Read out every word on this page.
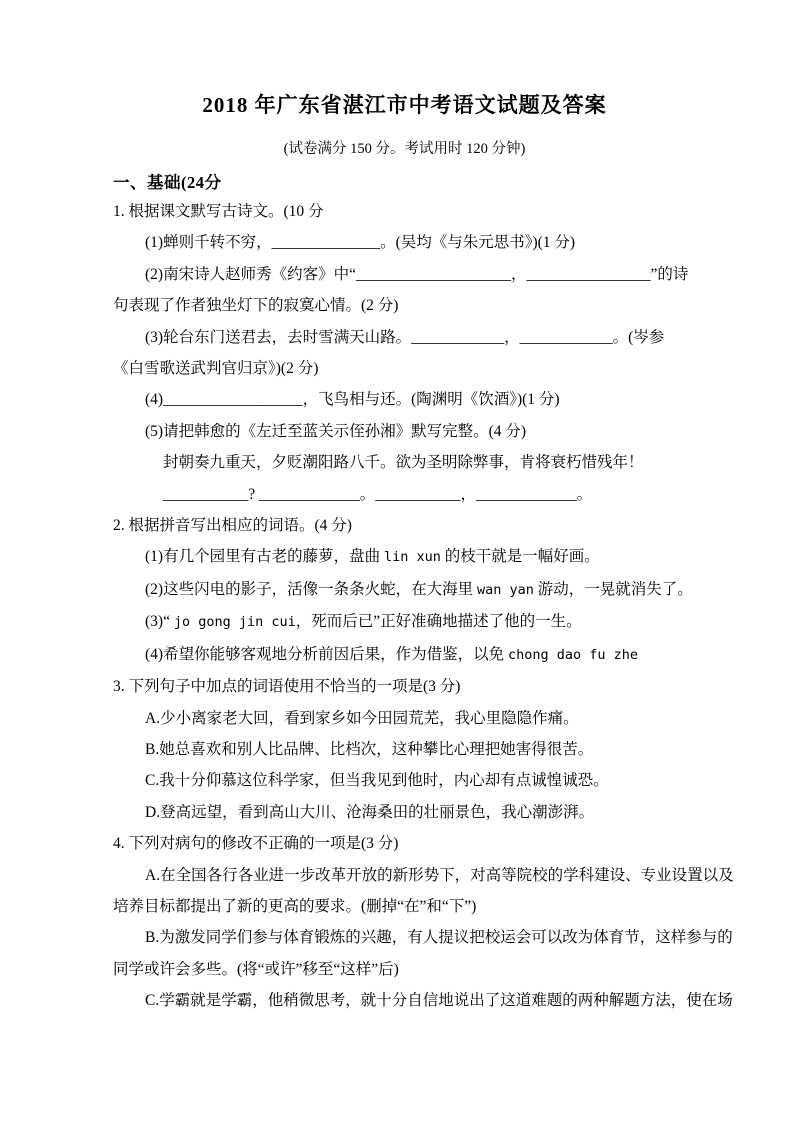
2018 年广东省湛江市中考语文试题及答案

(试卷满分 150 分。考试用时 120 分钟)

一、基础(24分

1. 根据课文默写古诗文。(10 分

(1)蝉则千转不穷，______________。(吴均《与朱元思书》)(1 分)

(2)南宋诗人赵师秀《约客》中“____________________，________________”的诗

句表现了作者独坐灯下的寂寞心情。(2 分)

(3)轮台东门送君去，去时雪满天山路。____________，____________。(岑参

《白雪歌送武判官归京》)(2 分)

(4)__________________，飞鸟相与还。(陶渊明《饮酒》)(1 分)

(5)请把韩愈的《左迁至蓝关示侄孙湘》默写完整。(4 分)

封朝奏九重天，夕贬潮阳路八千。欲为圣明除弊事，肯将衰朽惜残年！

___________? _____________。___________，_____________。

2. 根据拼音写出相应的词语。(4 分)

(1)有几个园里有古老的藤萝，盘曲 lin xun 的枝干就是一幅好画。

(2)这些闪电的影子，活像一条条火蛇，在大海里 wan yan 游动，一晃就消失了。

(3)“ jo gong jin cui，死而后已”正好准确地描述了他的一生。

(4)希望你能够客观地分析前因后果，作为借鉴，以免 chong dao fu zhe

3. 下列句子中加点的词语使用不恰当的一项是(3 分)

A.少小离家老大回，看到家乡如今田园荒芜，我心里隐隐作痛。

B.她总喜欢和别人比品牌、比档次，这种攀比心理把她害得很苦。

C.我十分仰慕这位科学家，但当我见到他时，内心却有点诚惶诚恐。

D.登高远望，看到高山大川、沧海桑田的壮丽景色，我心潮澎湃。

4. 下列对病句的修改不正确的一项是(3 分)

A.在全国各行各业进一步改革开放的新形势下，对高等院校的学科建设、专业设置以及

培养目标都提出了新的更高的要求。(删掉“在”和“下”)

B.为激发同学们参与体育锻炼的兴趣，有人提议把校运会可以改为体育节，这样参与的

同学或许会多些。(将“或许”移至“这样”后)

C.学霸就是学霸，他稍微思考，就十分自信地说出了这道难题的两种解题方法，使在场
